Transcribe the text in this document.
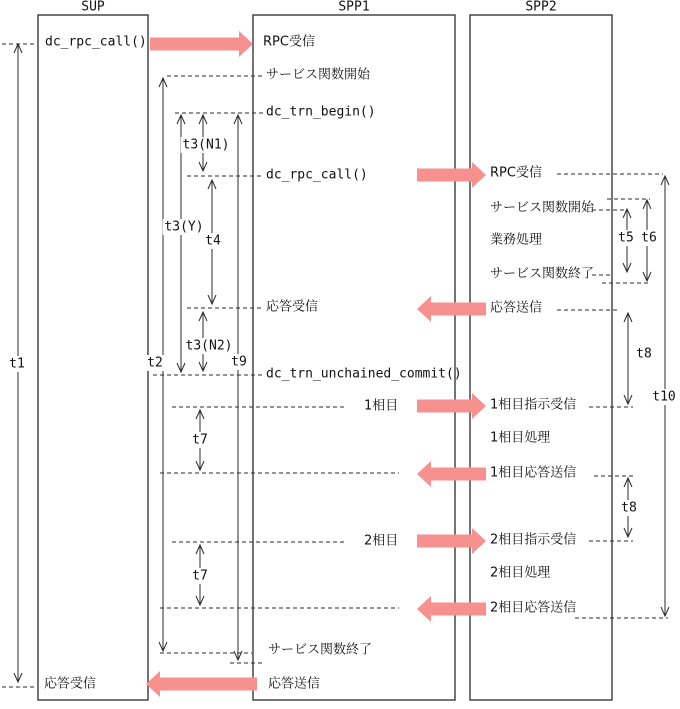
SUP	SPP1	SPP2
t1	t2
t3(Y)
t3(N1)
t4
t3(N2)
t9
t7
t7
t5 t6
t8
t8
t10
dc_rpc_call()
応答受信
RPC受信
サービス関数開始
dc_trn_begin()
dc_rpc_call()
応答受信
dc_trn_unchained_commit()
1相目
2相目
サービス関数終了
応答送信
RPC受信
サービス関数開始
業務処理
サービス関数終了
応答送信
1相目指示受信
1相目処理
1相目応答送信
2相目指示受信
2相目処理
2相目応答送信
